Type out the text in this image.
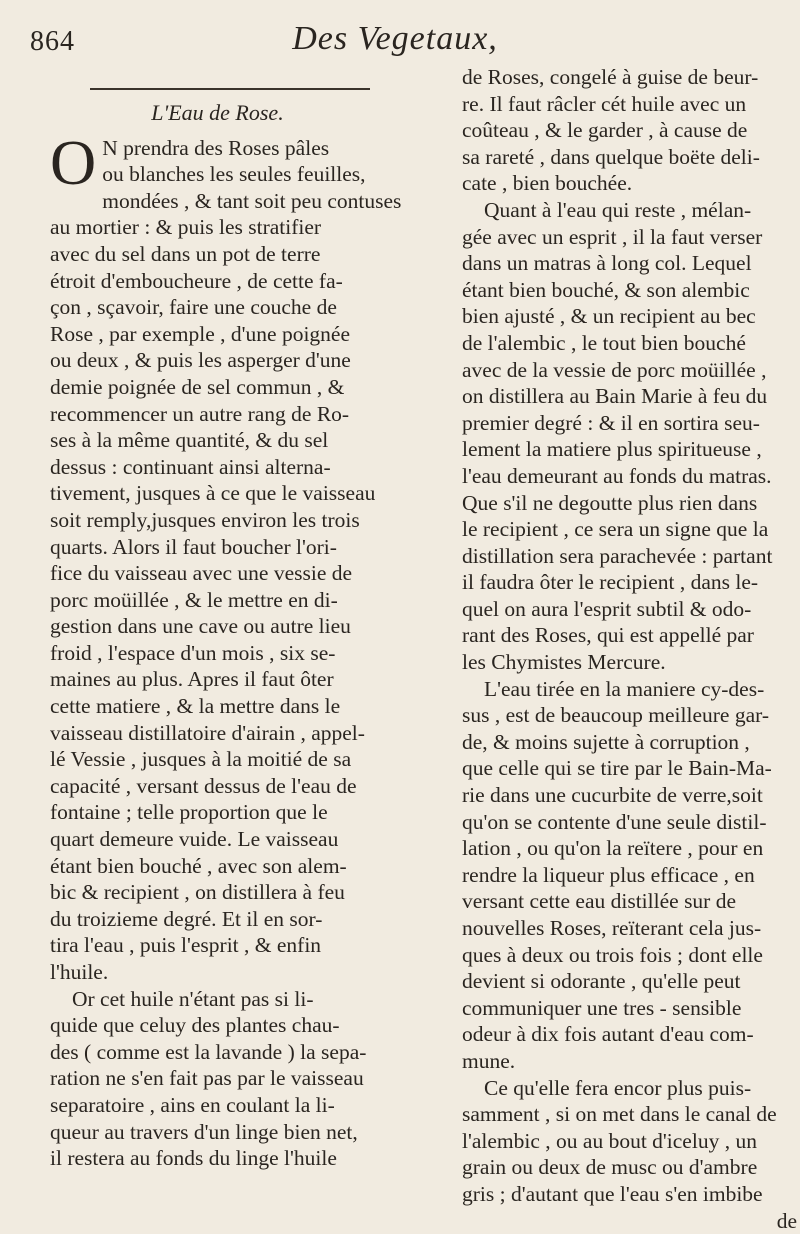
864	Des Vegetaux,
L'Eau de Rose.
O N prendra des Roses pâles
ou blanches les seules feuilles,
mondées , & tant soit peu contuses
au mortier : & puis les stratifier
avec du sel dans un pot de terre
étroit d'emboucheure , de cette fa-
çon , sçavoir, faire une couche de
Rose , par exemple , d'une poignée
ou deux , & puis les asperger d'une
demie poignée de sel commun , &
recommencer un autre rang de Ro-
ses à la même quantité, & du sel
dessus : continuant ainsi alterna-
tivement, jusques à ce que le vaisseau
soit remply,jusques environ les trois
quarts. Alors il faut boucher l'ori-
fice du vaisseau avec une vessie de
porc moüillée , & le mettre en di-
gestion dans une cave ou autre lieu
froid , l'espace d'un mois , six se-
maines au plus. Apres il faut ôter
cette matiere , & la mettre dans le
vaisseau distillatoire d'airain , appel-
lé Vessie , jusques à la moitié de sa
capacité , versant dessus de l'eau de
fontaine ; telle proportion que le
quart demeure vuide. Le vaisseau
étant bien bouché , avec son alem-
bic & recipient , on distillera à feu
du troizieme degré. Et il en sor-
tira l'eau , puis l'esprit , & enfin
l'huile.
Or cet huile n'étant pas si li-
quide que celuy des plantes chau-
des ( comme est la lavande ) la sepa-
ration ne s'en fait pas par le vaisseau
separatoire , ains en coulant la li-
queur au travers d'un linge bien net,
il restera au fonds du linge l'huile
de Roses, congelé à guise de beur-
re. Il faut râcler cét huile avec un
coûteau , & le garder , à cause de
sa rareté , dans quelque boëte deli-
cate , bien bouchée.
Quant à l'eau qui reste , mélan-
gée avec un esprit , il la faut verser
dans un matras à long col. Lequel
étant bien bouché, & son alembic
bien ajusté , & un recipient au bec
de l'alembic , le tout bien bouché
avec de la vessie de porc moüillée ,
on distillera au Bain Marie à feu du
premier degré : & il en sortira seu-
lement la matiere plus spiritueuse ,
l'eau demeurant au fonds du matras.
Que s'il ne degoutte plus rien dans
le recipient , ce sera un signe que la
distillation sera parachevée : partant
il faudra ôter le recipient , dans le-
quel on aura l'esprit subtil & odo-
rant des Roses, qui est appellé par
les Chymistes Mercure.
L'eau tirée en la maniere cy-des-
sus , est de beaucoup meilleure gar-
de, & moins sujette à corruption ,
que celle qui se tire par le Bain-Ma-
rie dans une cucurbite de verre,soit
qu'on se contente d'une seule distil-
lation , ou qu'on la reïtere , pour en
rendre la liqueur plus efficace , en
versant cette eau distillée sur de
nouvelles Roses, reïterant cela jus-
ques à deux ou trois fois ; dont elle
devient si odorante , qu'elle peut
communiquer une tres - sensible
odeur à dix fois autant d'eau com-
mune.
Ce qu'elle fera encor plus puis-
samment , si on met dans le canal de
l'alembic , ou au bout d'iceluy , un
grain ou deux de musc ou d'ambre
gris ; d'autant que l'eau s'en imbibe
de
